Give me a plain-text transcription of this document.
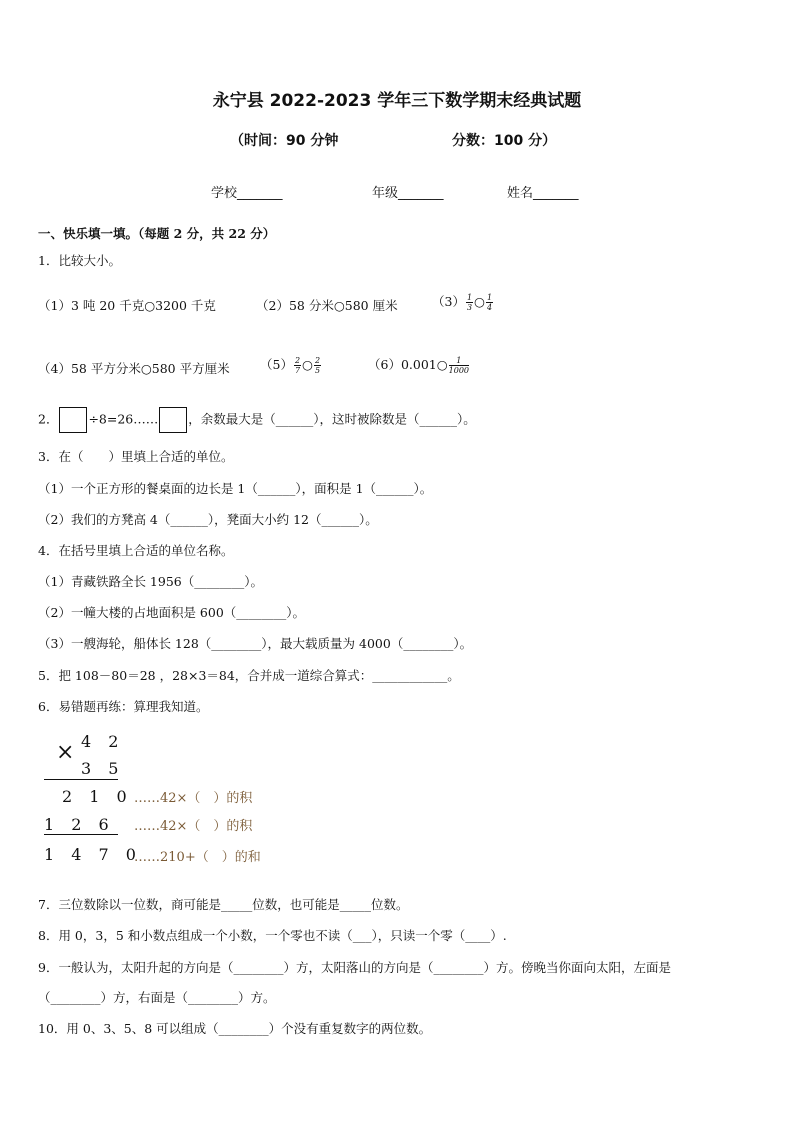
永宁县 2022-2023 学年三下数学期末经典试题
（时间：90 分钟	分数：100 分）
学校_______	年级_______	姓名_______
一、快乐填一填。（每题 2 分，共 22 分）
1．比较大小。
（1）3 吨 20 千克○3200 千克	（2）58 分米○580 厘米	$(3) \frac{1}{3}$ ○ $\frac{1}{4}$
（4）58 平方分米○580 平方厘米 $(5) \frac{2}{7}$ ○ $\frac{2}{5}$	（6）0.001○ $\frac{1}{1000}$
2． ÷8=26…… ，余数最大是（______），这时被除数是（______）。
3．在（　　）里填上合适的单位。
（1）一个正方形的餐桌面的边长是 1（______），面积是 1（______）。
（2）我们的方凳高 4（______），凳面大小约 12（______）。
4．在括号里填上合适的单位名称。
（1）青藏铁路全长 1956（________）。
（2）一幢大楼的占地面积是 600（________）。
（3）一艘海轮，船体长 128（________），最大载质量为 4000（________）。
5．把 108－80＝28 ，28×3＝84，合并成一道综合算式：____________。
6．易错题再练：算理我知道。
× 4 2
3 5
2 1 0
1 2 6
1 4 7 0
……42×（　）的积
……42×（　）的积
……210+（　）的和
7．三位数除以一位数，商可能是_____位数，也可能是_____位数。
8．用 0，3，5 和小数点组成一个小数，一个零也不读（___），只读一个零（____）.
9．一般认为，太阳升起的方向是（________）方，太阳落山的方向是（________）方。傍晚当你面向太阳，左面是
（________）方，右面是（________）方。
10．用 0、3、5、8 可以组成（________）个没有重复数字的两位数。
